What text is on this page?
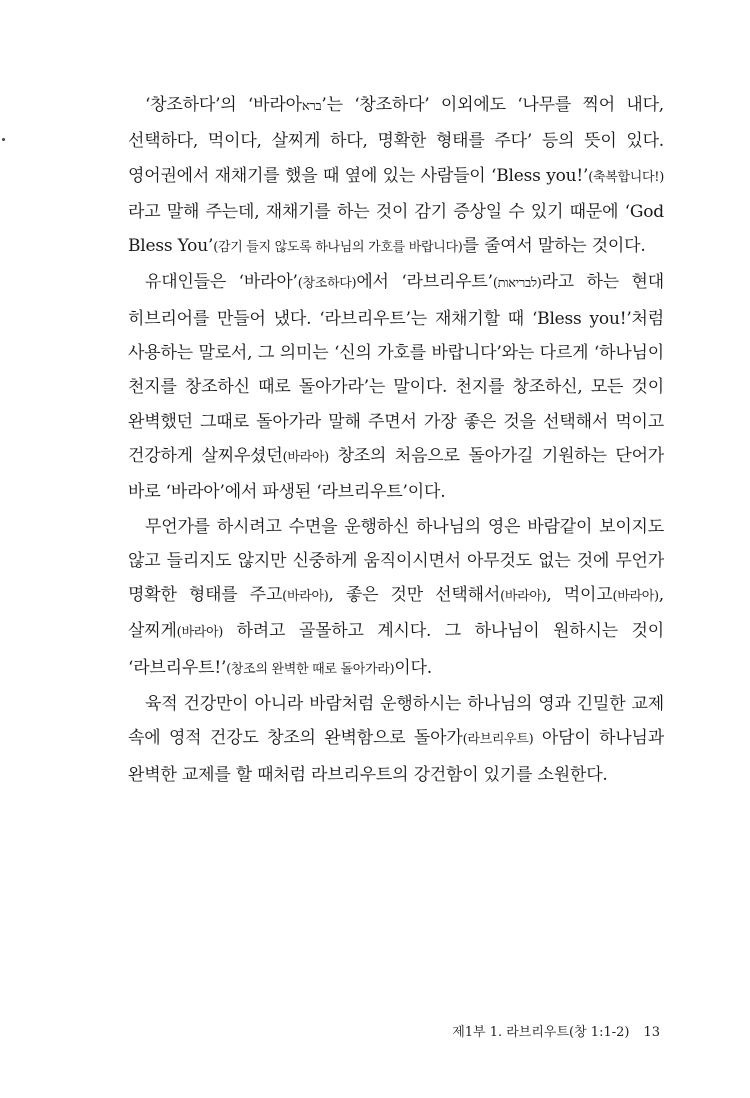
‘창조하다’의 ‘바라아ברא’는 ‘창조하다’ 이외에도 ‘나무를 찍어 내다, 선택하다, 먹이다, 살찌게 하다, 명확한 형태를 주다’ 등의 뜻이 있다. 영어권에서 재채기를 했을 때 옆에 있는 사람들이 ‘Bless you!’(축복합니다!)라고 말해 주는데, 재채기를 하는 것이 감기 증상일 수 있기 때문에 ‘God Bless You’(감기 들지 않도록 하나님의 가호를 바랍니다)를 줄여서 말하는 것이다.

유대인들은 ‘바라아’(창조하다)에서 ‘라브리우트’(לבריאות)라고 하는 현대 히브리어를 만들어 냈다. ‘라브리우트’는 재채기할 때 ‘Bless you!’처럼 사용하는 말로서, 그 의미는 ‘신의 가호를 바랍니다’와는 다르게 ‘하나님이 천지를 창조하신 때로 돌아가라’는 말이다. 천지를 창조하신, 모든 것이 완벽했던 그때로 돌아가라 말해 주면서 가장 좋은 것을 선택해서 먹이고 건강하게 살찌우셨던(바라아) 창조의 처음으로 돌아가길 기원하는 단어가 바로 ‘바라아’에서 파생된 ‘라브리우트’이다.

무언가를 하시려고 수면을 운행하신 하나님의 영은 바람같이 보이지도 않고 들리지도 않지만 신중하게 움직이시면서 아무것도 없는 것에 무언가 명확한 형태를 주고(바라아), 좋은 것만 선택해서(바라아), 먹이고(바라아), 살찌게(바라아) 하려고 골몰하고 계시다. 그 하나님이 원하시는 것이 ‘라브리우트!’(창조의 완벽한 때로 돌아가라)이다.

육적 건강만이 아니라 바람처럼 운행하시는 하나님의 영과 긴밀한 교제 속에 영적 건강도 창조의 완벽함으로 돌아가(라브리우트) 아담이 하나님과 완벽한 교제를 할 때처럼 라브리우트의 강건함이 있기를 소원한다.

제1부 1. 라브리우트(창 1:1-2) 13
